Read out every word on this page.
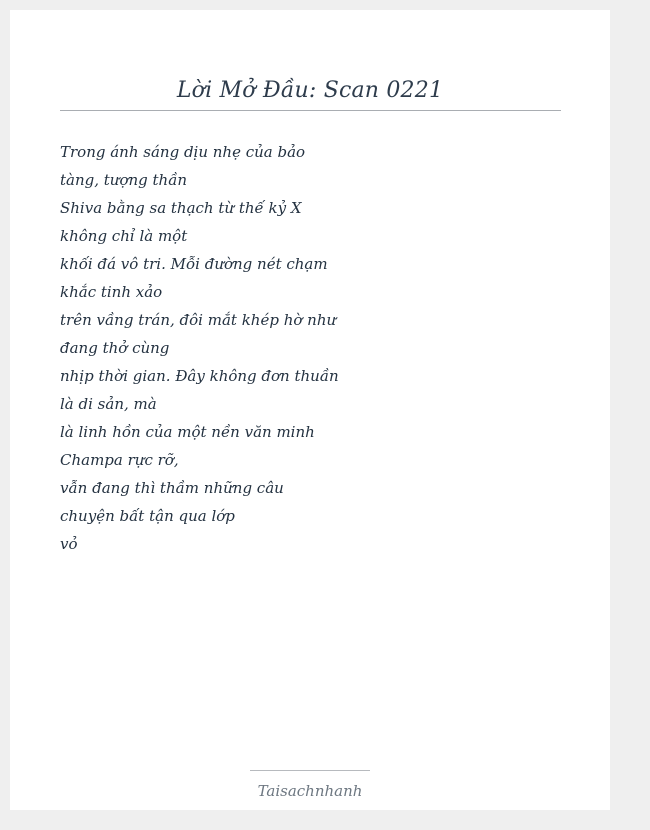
Lời Mở Đầu: Scan 0221
Trong ánh sáng dịu nhẹ của bảo tàng, tượng thần
Shiva bằng sa thạch từ thế kỷ X không chỉ là một
khối đá vô tri. Mỗi đường nét chạm khắc tinh xảo
trên vầng trán, đôi mắt khép hờ như đang thở cùng
nhịp thời gian. Đây không đơn thuần là di sản, mà
là linh hồn của một nền văn minh Champa rực rỡ,
vẫn đang thì thầm những câu chuyện bất tận qua lớp
vỏ
Taisachnhanh
